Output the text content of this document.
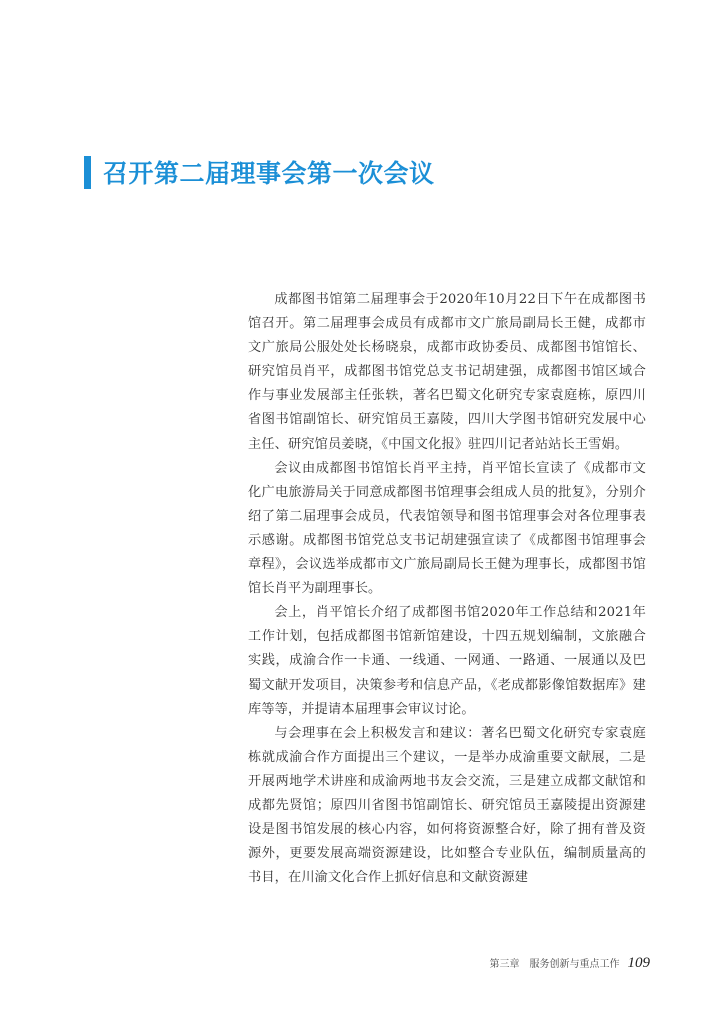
召开第二届理事会第一次会议

成都图书馆第二届理事会于2020年10月22日下午在成都图书馆召开。第二届理事会成员有成都市文广旅局副局长王健，成都市文广旅局公服处处长杨晓泉，成都市政协委员、成都图书馆馆长、研究馆员肖平，成都图书馆党总支书记胡建强，成都图书馆区域合作与事业发展部主任张轶，著名巴蜀文化研究专家袁庭栋，原四川省图书馆副馆长、研究馆员王嘉陵，四川大学图书馆研究发展中心主任、研究馆员姜晓，《中国文化报》驻四川记者站站长王雪娟。

会议由成都图书馆馆长肖平主持，肖平馆长宣读了《成都市文化广电旅游局关于同意成都图书馆理事会组成人员的批复》，分别介绍了第二届理事会成员，代表馆领导和图书馆理事会对各位理事表示感谢。成都图书馆党总支书记胡建强宣读了《成都图书馆理事会章程》，会议选举成都市文广旅局副局长王健为理事长，成都图书馆馆长肖平为副理事长。

会上，肖平馆长介绍了成都图书馆2020年工作总结和2021年工作计划，包括成都图书馆新馆建设，十四五规划编制，文旅融合实践，成渝合作一卡通、一线通、一网通、一路通、一展通以及巴蜀文献开发项目，决策参考和信息产品，《老成都影像馆数据库》建库等等，并提请本届理事会审议讨论。

与会理事在会上积极发言和建议：著名巴蜀文化研究专家袁庭栋就成渝合作方面提出三个建议，一是举办成渝重要文献展，二是开展两地学术讲座和成渝两地书友会交流，三是建立成都文献馆和成都先贤馆；原四川省图书馆副馆长、研究馆员王嘉陵提出资源建设是图书馆发展的核心内容，如何将资源整合好，除了拥有普及资源外，更要发展高端资源建设，比如整合专业队伍，编制质量高的书目，在川渝文化合作上抓好信息和文献资源建

第三章 服务创新与重点工作 109
